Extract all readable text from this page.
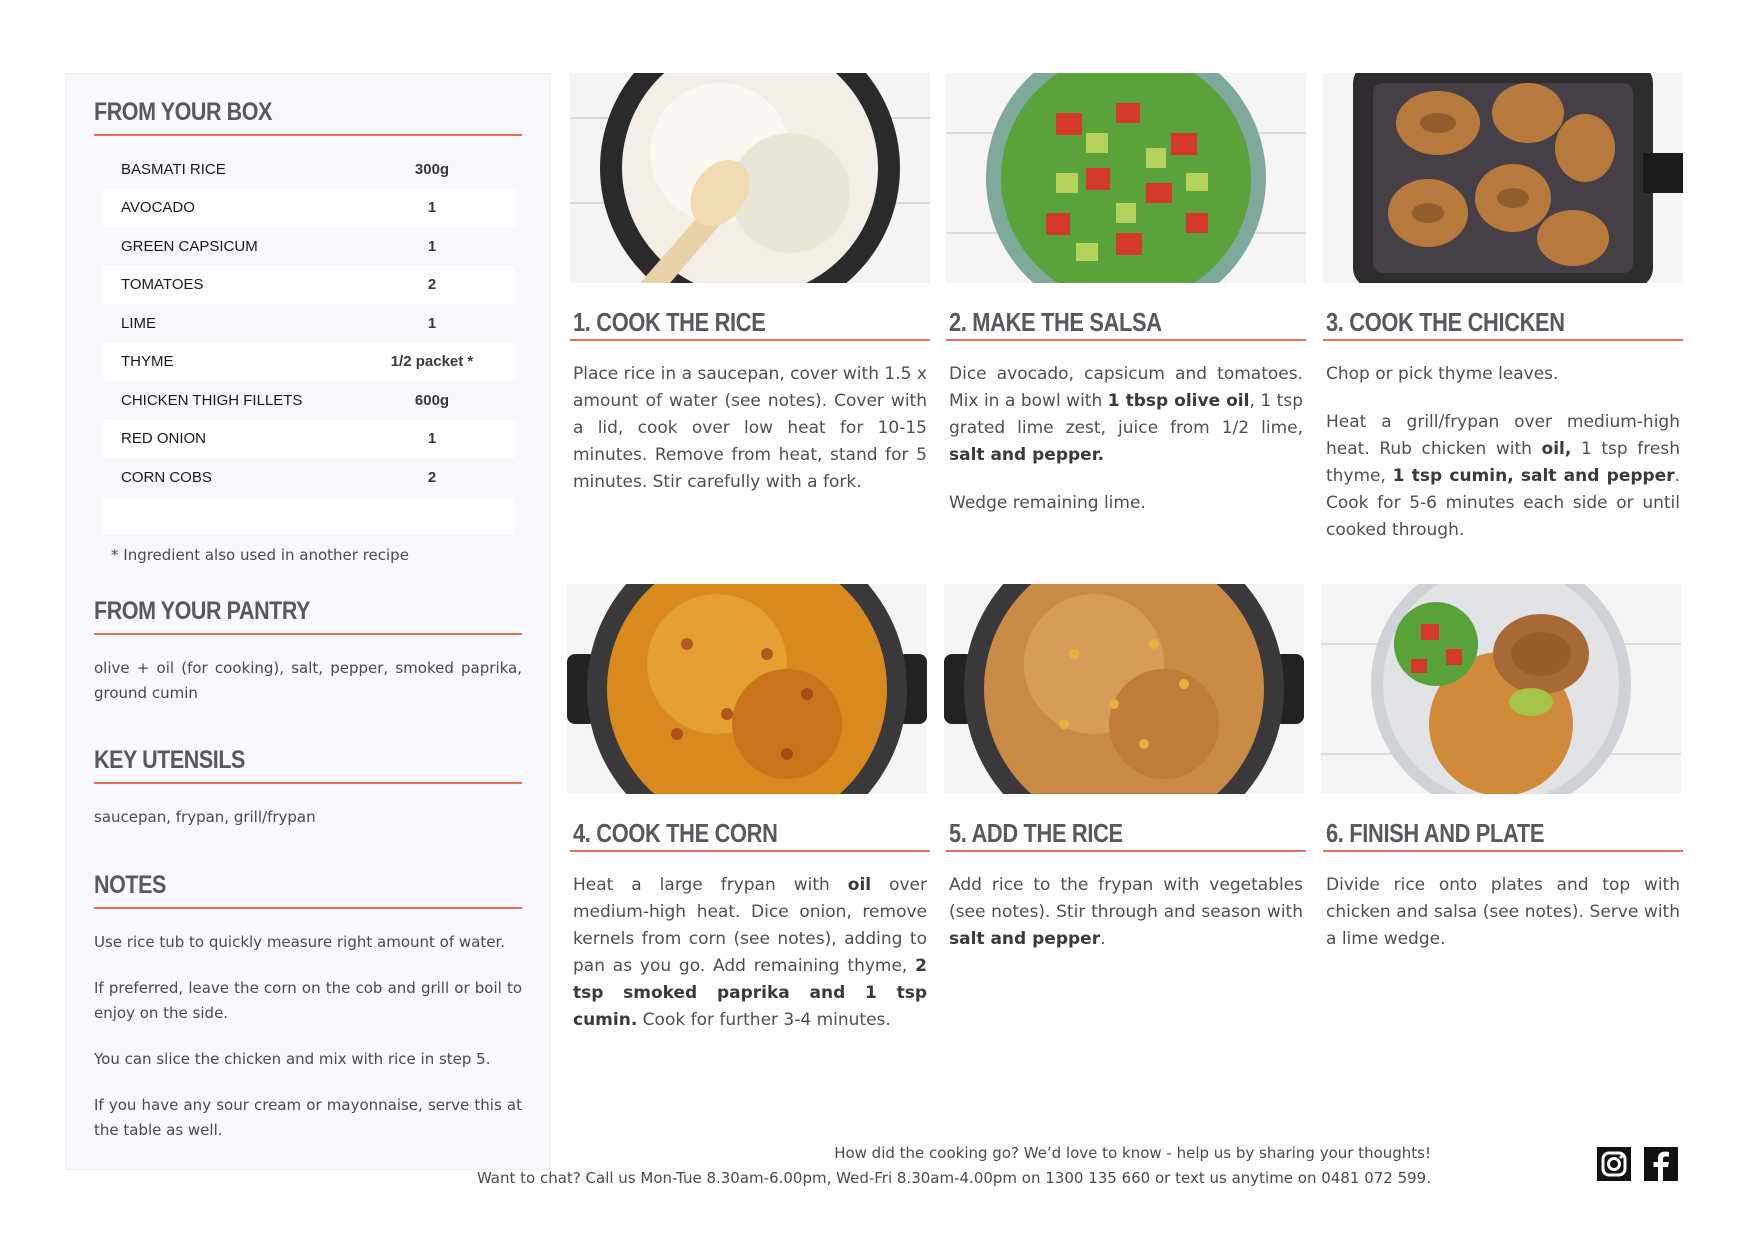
FROM YOUR BOX
BASMATI RICE	300g
AVOCADO	1
GREEN CAPSICUM	1
TOMATOES	2
LIME	1
THYME	1/2 packet *
CHICKEN THIGH FILLETS	600g
RED ONION	1
CORN COBS	2
* Ingredient also used in another recipe
FROM YOUR PANTRY
olive + oil (for cooking), salt, pepper, smoked paprika, ground cumin
KEY UTENSILS
saucepan, frypan, grill/frypan
NOTES
Use rice tub to quickly measure right amount of water.
If preferred, leave the corn on the cob and grill or boil to enjoy on the side.
You can slice the chicken and mix with rice in step 5.
If you have any sour cream or mayonnaise, serve this at the table as well.
1. COOK THE RICE

Place rice in a saucepan, cover with 1.5 x amount of water (see notes). Cover with a lid, cook over low heat for 10-15 minutes. Remove from heat, stand for 5 minutes. Stir carefully with a fork.

2. MAKE THE SALSA

Dice avocado, capsicum and tomatoes. Mix in a bowl with 1 tbsp olive oil, 1 tsp grated lime zest, juice from 1/2 lime, salt and pepper.

Wedge remaining lime.

3. COOK THE CHICKEN

Chop or pick thyme leaves.

Heat a grill/frypan over medium-high heat. Rub chicken with oil, 1 tsp fresh thyme, 1 tsp cumin, salt and pepper. Cook for 5-6 minutes each side or until cooked through.

4. COOK THE CORN

Heat a large frypan with oil over medium-high heat. Dice onion, remove kernels from corn (see notes), adding to pan as you go. Add remaining thyme, 2 tsp smoked paprika and 1 tsp cumin. Cook for further 3-4 minutes.

5. ADD THE RICE

Add rice to the frypan with vegetables (see notes). Stir through and season with salt and pepper.

6. FINISH AND PLATE

Divide rice onto plates and top with chicken and salsa (see notes). Serve with a lime wedge.

How did the cooking go? We’d love to know - help us by sharing your thoughts!
Want to chat? Call us Mon-Tue 8.30am-6.00pm, Wed-Fri 8.30am-4.00pm on 1300 135 660 or text us anytime on 0481 072 599.
